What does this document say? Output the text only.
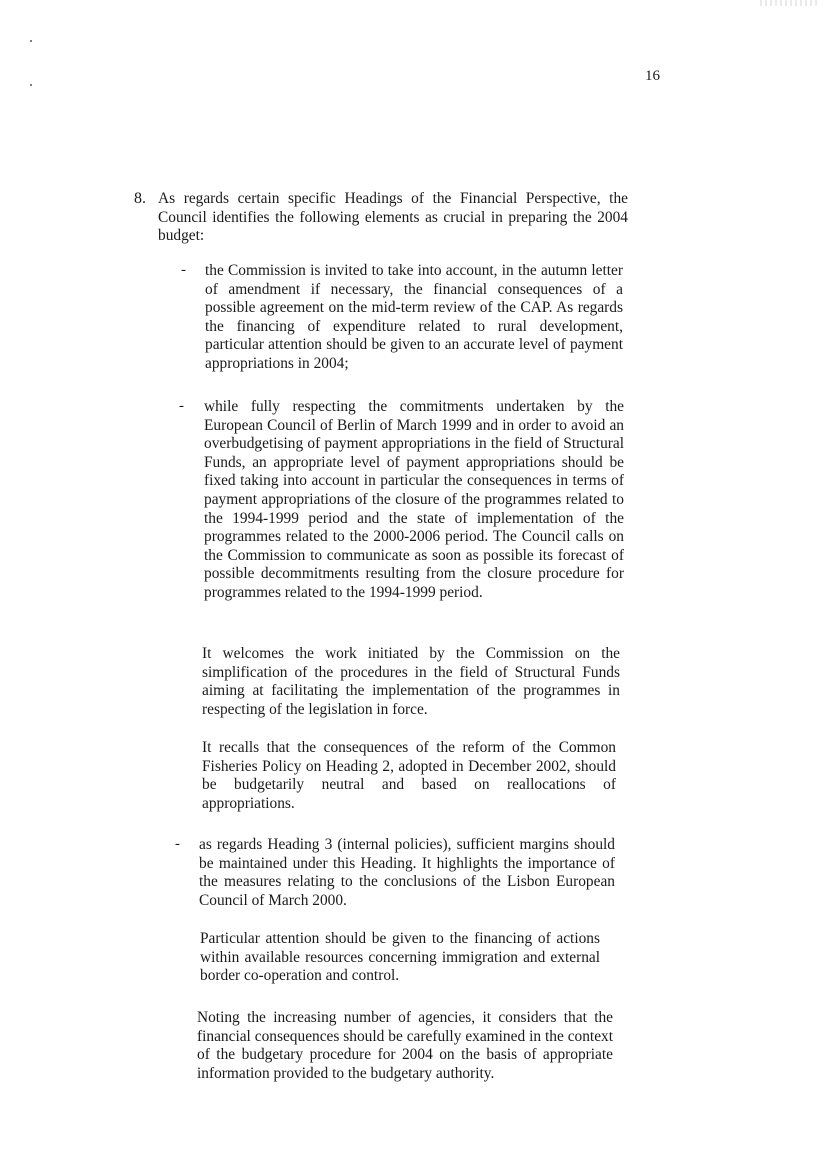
16
8. As regards certain specific Headings of the Financial Perspective, the Council identifies the following elements as crucial in preparing the 2004 budget:
- the Commission is invited to take into account, in the autumn letter of amendment if necessary, the financial consequences of a possible agreement on the mid-term review of the CAP. As regards the financing of expenditure related to rural development, particular attention should be given to an accurate level of payment appropriations in 2004;
- while fully respecting the commitments undertaken by the European Council of Berlin of March 1999 and in order to avoid an overbudgetising of payment appropriations in the field of Structural Funds, an appropriate level of payment appropriations should be fixed taking into account in particular the consequences in terms of payment appropriations of the closure of the programmes related to the 1994-1999 period and the state of implementation of the programmes related to the 2000-2006 period. The Council calls on the Commission to communicate as soon as possible its forecast of possible decommitments resulting from the closure procedure for programmes related to the 1994-1999 period.
It welcomes the work initiated by the Commission on the simplification of the procedures in the field of Structural Funds aiming at facilitating the implementation of the programmes in respecting of the legislation in force.
It recalls that the consequences of the reform of the Common Fisheries Policy on Heading 2, adopted in December 2002, should be budgetarily neutral and based on reallocations of appropriations.
- as regards Heading 3 (internal policies), sufficient margins should be maintained under this Heading. It highlights the importance of the measures relating to the conclusions of the Lisbon European Council of March 2000.
Particular attention should be given to the financing of actions within available resources concerning immigration and external border co-operation and control.
Noting the increasing number of agencies, it considers that the financial consequences should be carefully examined in the context of the budgetary procedure for 2004 on the basis of appropriate information provided to the budgetary authority.
